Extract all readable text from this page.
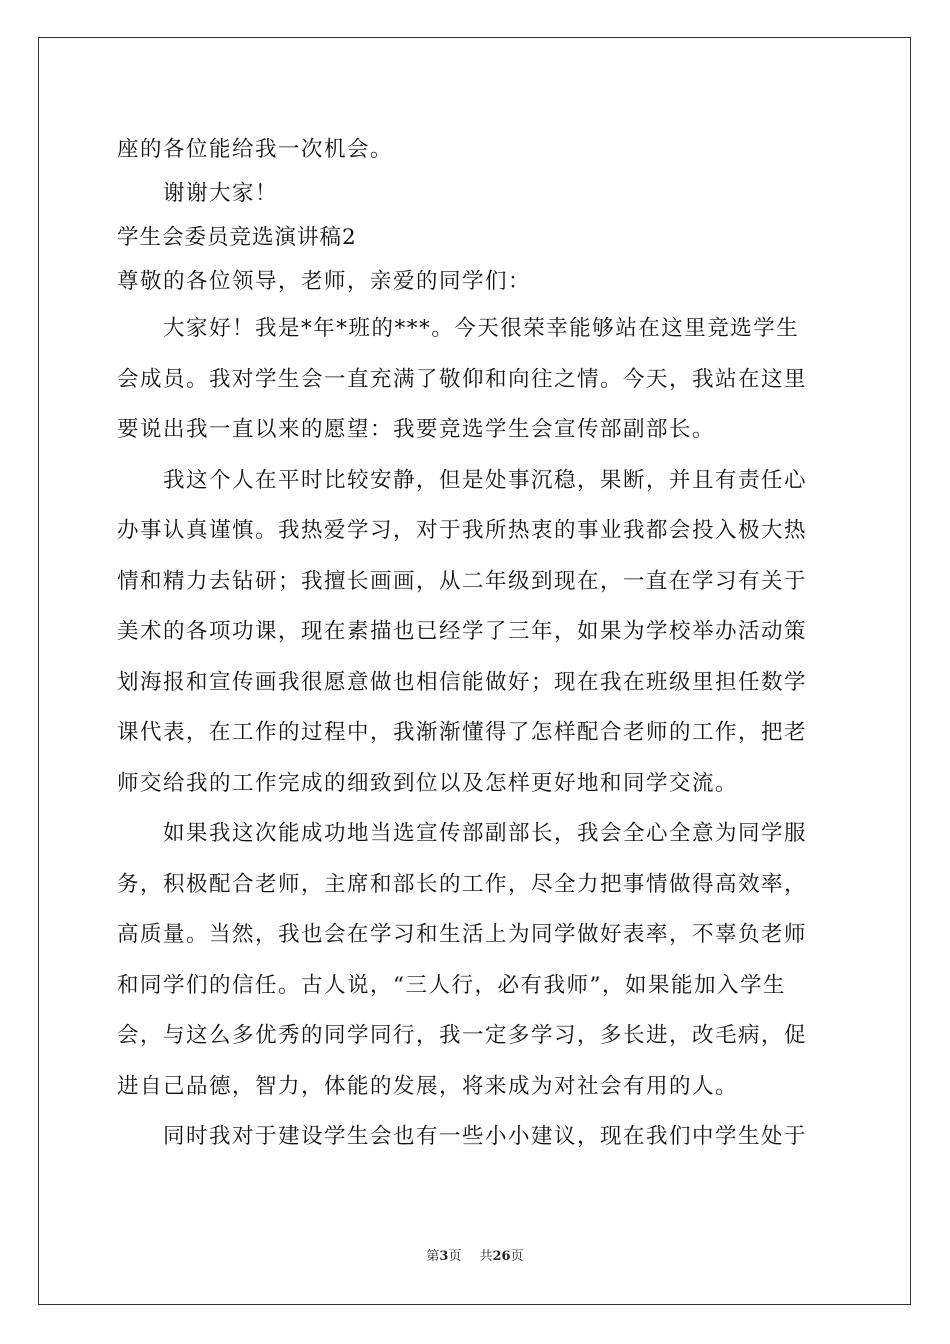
座的各位能给我一次机会。
谢谢大家！
学生会委员竞选演讲稿2
尊敬的各位领导，老师，亲爱的同学们：
大家好！我是*年*班的***。今天很荣幸能够站在这里竞选学生
会成员。我对学生会一直充满了敬仰和向往之情。今天，我站在这里
要说出我一直以来的愿望：我要竞选学生会宣传部副部长。
我这个人在平时比较安静，但是处事沉稳，果断，并且有责任心
办事认真谨慎。我热爱学习，对于我所热衷的事业我都会投入极大热
情和精力去钻研；我擅长画画，从二年级到现在，一直在学习有关于
美术的各项功课，现在素描也已经学了三年，如果为学校举办活动策
划海报和宣传画我很愿意做也相信能做好；现在我在班级里担任数学
课代表，在工作的过程中，我渐渐懂得了怎样配合老师的工作，把老
师交给我的工作完成的细致到位以及怎样更好地和同学交流。
如果我这次能成功地当选宣传部副部长，我会全心全意为同学服
务，积极配合老师，主席和部长的工作，尽全力把事情做得高效率，
高质量。当然，我也会在学习和生活上为同学做好表率，不辜负老师
和同学们的信任。古人说，“三人行，必有我师”，如果能加入学生
会，与这么多优秀的同学同行，我一定多学习，多长进，改毛病，促
进自己品德，智力，体能的发展，将来成为对社会有用的人。
同时我对于建设学生会也有一些小小建议，现在我们中学生处于
第3页 共26页
